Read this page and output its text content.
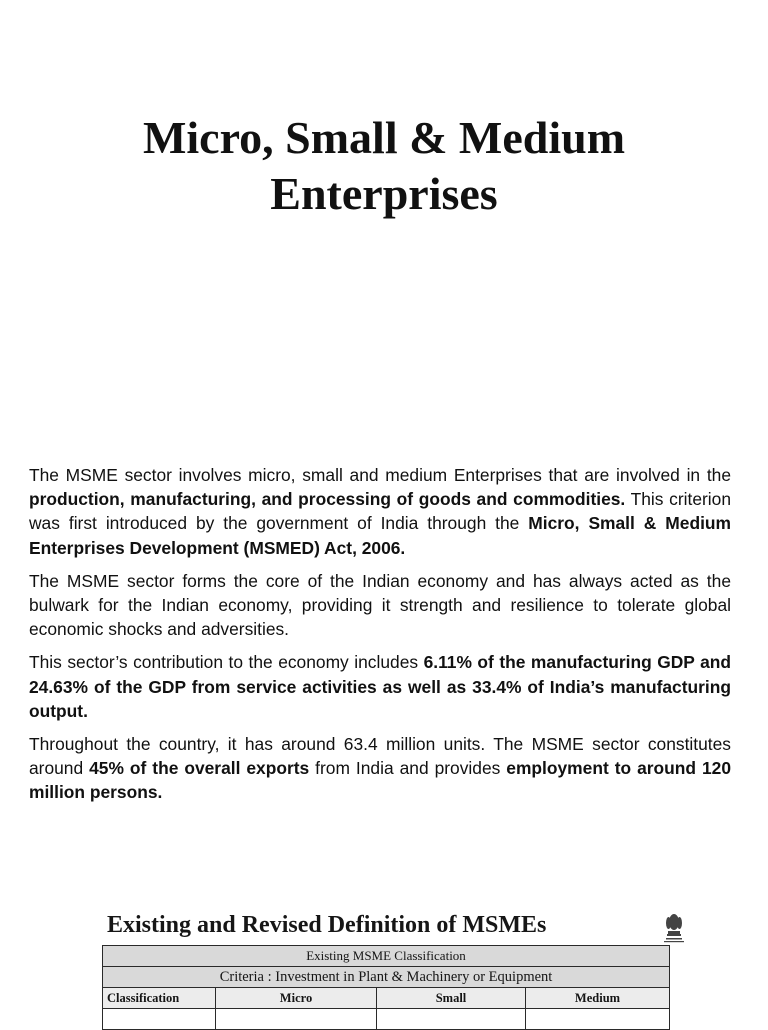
Micro, Small & Medium
Enterprises

The MSME sector involves micro, small and medium Enterprises that are involved in the production, manufacturing, and processing of goods and commodities. This criterion was first introduced by the government of India through the Micro, Small & Medium Enterprises Development (MSMED) Act, 2006.

The MSME sector forms the core of the Indian economy and has always acted as the bulwark for the Indian economy, providing it strength and resilience to tolerate global economic shocks and adversities.

This sector’s contribution to the economy includes 6.11% of the manufacturing GDP and 24.63% of the GDP from service activities as well as 33.4% of India’s manufacturing output.

Throughout the country, it has around 63.4 million units. The MSME sector constitutes around 45% of the overall exports from India and provides employment to around 120 million persons.

Existing and Revised Definition of MSMEs
Existing MSME Classification			
Criteria : Investment in Plant & Machinery or Equipment			
Classification	Micro	Small	Medium
